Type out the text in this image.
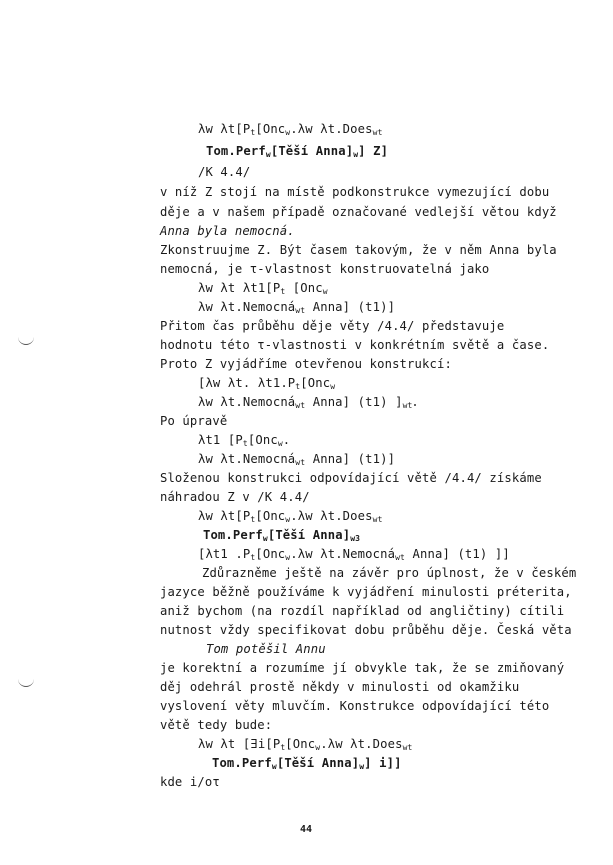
λw $\lambda t[P_t[Onc_w.\lambda w$ λt.Does$_{wt}$

Tom.Perf$_w$[Těší $Anna]_w$] Z]

/K 4.4/

v níž Z stojí na místě podkonstrukce vymezující dobu

děje a v našem případě označované vedlejší větou když

Anna byla nemocná.

Zkonstruujme Z. Být časem takovým, že v něm Anna byla

nemocná, je τ-vlastnost konstruovatelná jako

λw λt $\lambda t1[P_t$ [Onc$_w$

λw λt.Nemocná$_{wt}$ Anna] (t1)]

Přitom čas průběhu děje věty /4.4/ představuje

hodnotu této τ-vlastnosti v konkrétním světě a čase.

Proto Z vyjádříme otevřenou konstrukcí:

[λw λt. $\lambda t1.P_t[Onc_w$

λw λt.Nemocná$_{wt}$ Anna] (t1) ]$_{wt}$

Po úpravě

λt1 [$P_t[Onc_w$.

λw λt.Nemocná$_{wt}$ Anna] (t1)]

Složenou konstrukci odpovídající větě /4.4/ získáme

náhradou Z v /K 4.4/

λw $\lambda t[P_t[Onc_w.\lambda w$ λt.Does$_{wt}$

Tom.Perf$_w$[Těší $Anna]_{w3}$

[λt1 $.P_t[Onc_w.\lambda w$ λt.Nemocná$_{wt}$ Anna] (t1) ]]

Zdůrazněme ještě na závěr pro úplnost, že v českém

jazyce běžně používáme k vyjádření minulosti préterita,

aniž bychom (na rozdíl například od angličtiny) cítili

nutnost vždy specifikovat dobu průběhu děje. Česká věta

Tom potěšil Annu

je korektní a rozumíme jí obvykle tak, že se zmiňovaný

děj odehrál prostě někdy v minulosti od okamžiku

vyslovení věty mluvčím. Konstrukce odpovídající této

větě tedy bude:

λw λt [$\exists i[P_t[Onc_w.\lambda w$ λt.Does$_{wt}$

Tom.Perf$_w$[Těší $Anna]_w$] i]]

kde i/οτ

44
